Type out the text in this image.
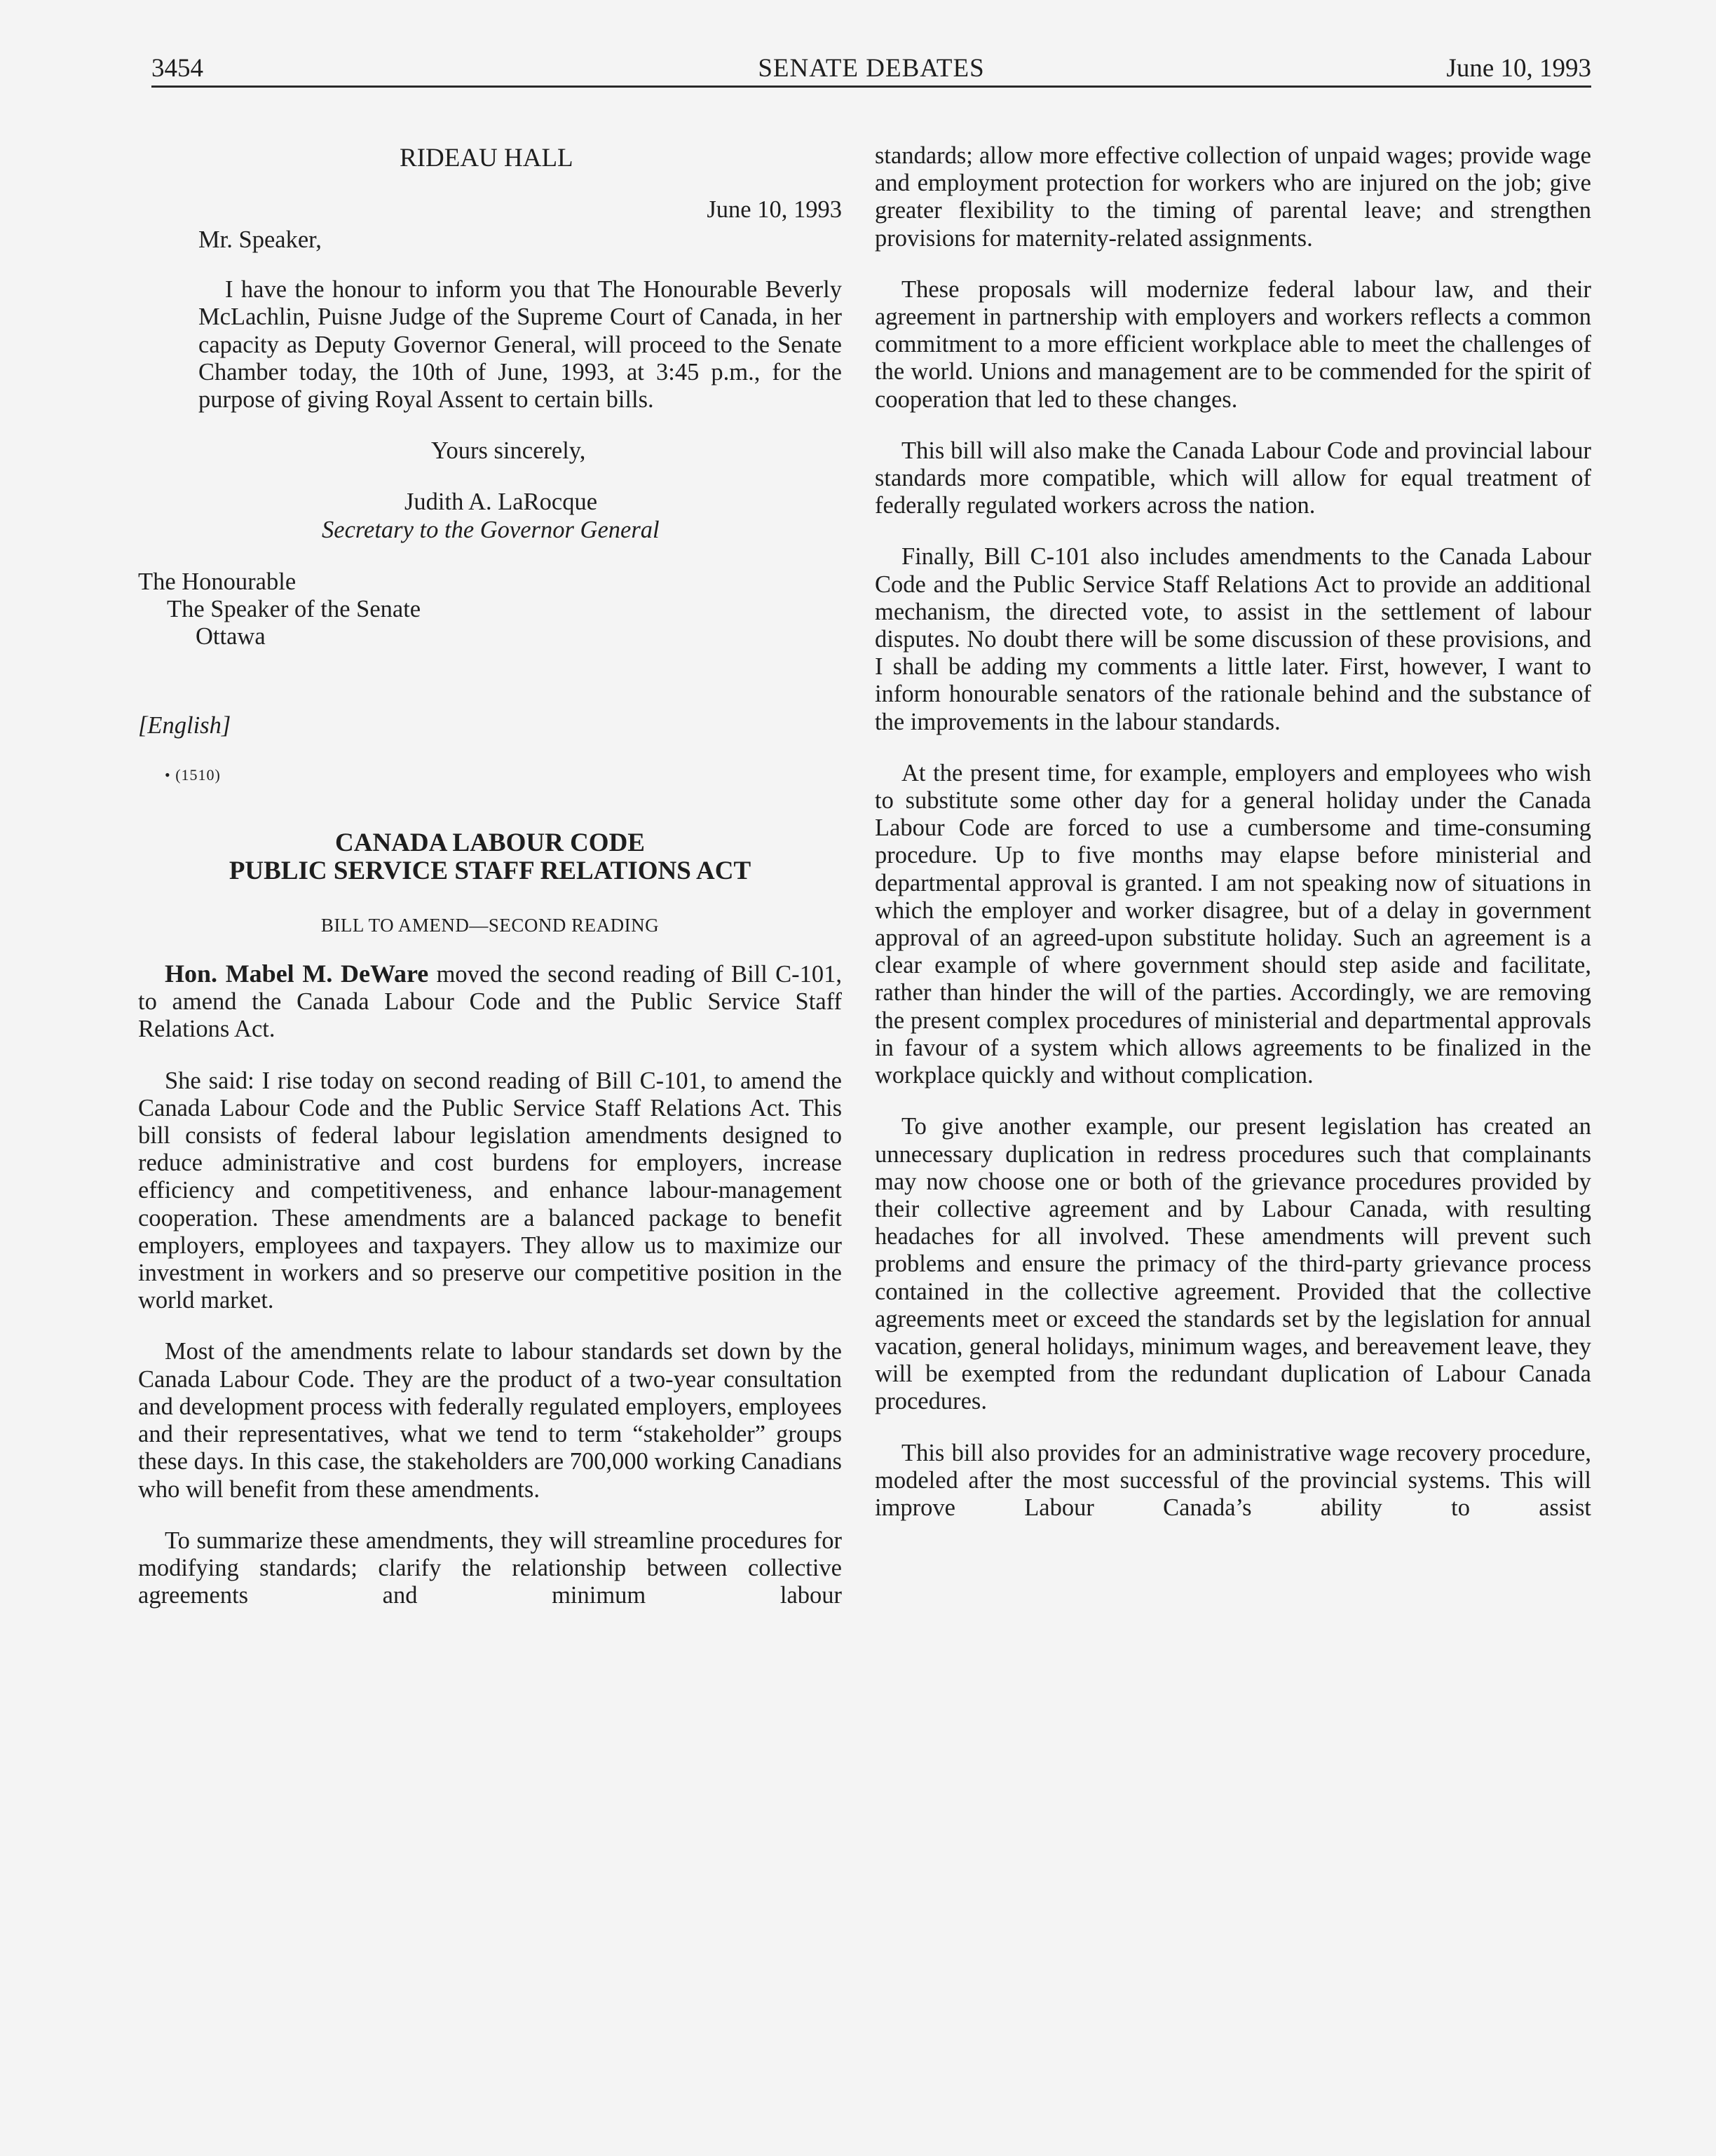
3454	SENATE DEBATES	June 10, 1993

RIDEAU HALL

June 10, 1993

Mr. Speaker,

I have the honour to inform you that The Honourable Beverly McLachlin, Puisne Judge of the Supreme Court of Canada, in her capacity as Deputy Governor General, will proceed to the Senate Chamber today, the 10th of June, 1993, at 3:45 p.m., for the purpose of giving Royal Assent to certain bills.

Yours sincerely,

Judith A. LaRocque

Secretary to the Governor General

The Honourable

The Speaker of the Senate

Ottawa

[English]

• (1510)

CANADA LABOUR CODE
PUBLIC SERVICE STAFF RELATIONS ACT

BILL TO AMEND—SECOND READING

Hon. Mabel M. DeWare moved the second reading of Bill C-101, to amend the Canada Labour Code and the Public Service Staff Relations Act.

She said: I rise today on second reading of Bill C-101, to amend the Canada Labour Code and the Public Service Staff Relations Act. This bill consists of federal labour legislation amendments designed to reduce administrative and cost burdens for employers, increase efficiency and competitiveness, and enhance labour-management cooperation. These amendments are a balanced package to benefit employers, employees and taxpayers. They allow us to maximize our investment in workers and so preserve our competitive position in the world market.

Most of the amendments relate to labour standards set down by the Canada Labour Code. They are the product of a two-year consultation and development process with federally regulated employers, employees and their representatives, what we tend to term “stakeholder” groups these days. In this case, the stakeholders are 700,000 working Canadians who will benefit from these amendments.

To summarize these amendments, they will streamline procedures for modifying standards; clarify the relationship between collective agreements and minimum labour

standards; allow more effective collection of unpaid wages; provide wage and employment protection for workers who are injured on the job; give greater flexibility to the timing of parental leave; and strengthen provisions for maternity-related assignments.

These proposals will modernize federal labour law, and their agreement in partnership with employers and workers reflects a common commitment to a more efficient workplace able to meet the challenges of the world. Unions and management are to be commended for the spirit of cooperation that led to these changes.

This bill will also make the Canada Labour Code and provincial labour standards more compatible, which will allow for equal treatment of federally regulated workers across the nation.

Finally, Bill C-101 also includes amendments to the Canada Labour Code and the Public Service Staff Relations Act to provide an additional mechanism, the directed vote, to assist in the settlement of labour disputes. No doubt there will be some discussion of these provisions, and I shall be adding my comments a little later. First, however, I want to inform honourable senators of the rationale behind and the substance of the improvements in the labour standards.

At the present time, for example, employers and employees who wish to substitute some other day for a general holiday under the Canada Labour Code are forced to use a cumbersome and time-consuming procedure. Up to five months may elapse before ministerial and departmental approval is granted. I am not speaking now of situations in which the employer and worker disagree, but of a delay in government approval of an agreed-upon substitute holiday. Such an agreement is a clear example of where government should step aside and facilitate, rather than hinder the will of the parties. Accordingly, we are removing the present complex procedures of ministerial and departmental approvals in favour of a system which allows agreements to be finalized in the workplace quickly and without complication.

To give another example, our present legislation has created an unnecessary duplication in redress procedures such that complainants may now choose one or both of the grievance procedures provided by their collective agreement and by Labour Canada, with resulting headaches for all involved. These amendments will prevent such problems and ensure the primacy of the third-party grievance process contained in the collective agreement. Provided that the collective agreements meet or exceed the standards set by the legislation for annual vacation, general holidays, minimum wages, and bereavement leave, they will be exempted from the redundant duplication of Labour Canada procedures.

This bill also provides for an administrative wage recovery procedure, modeled after the most successful of the provincial systems. This will improve Labour Canada’s ability to assist
